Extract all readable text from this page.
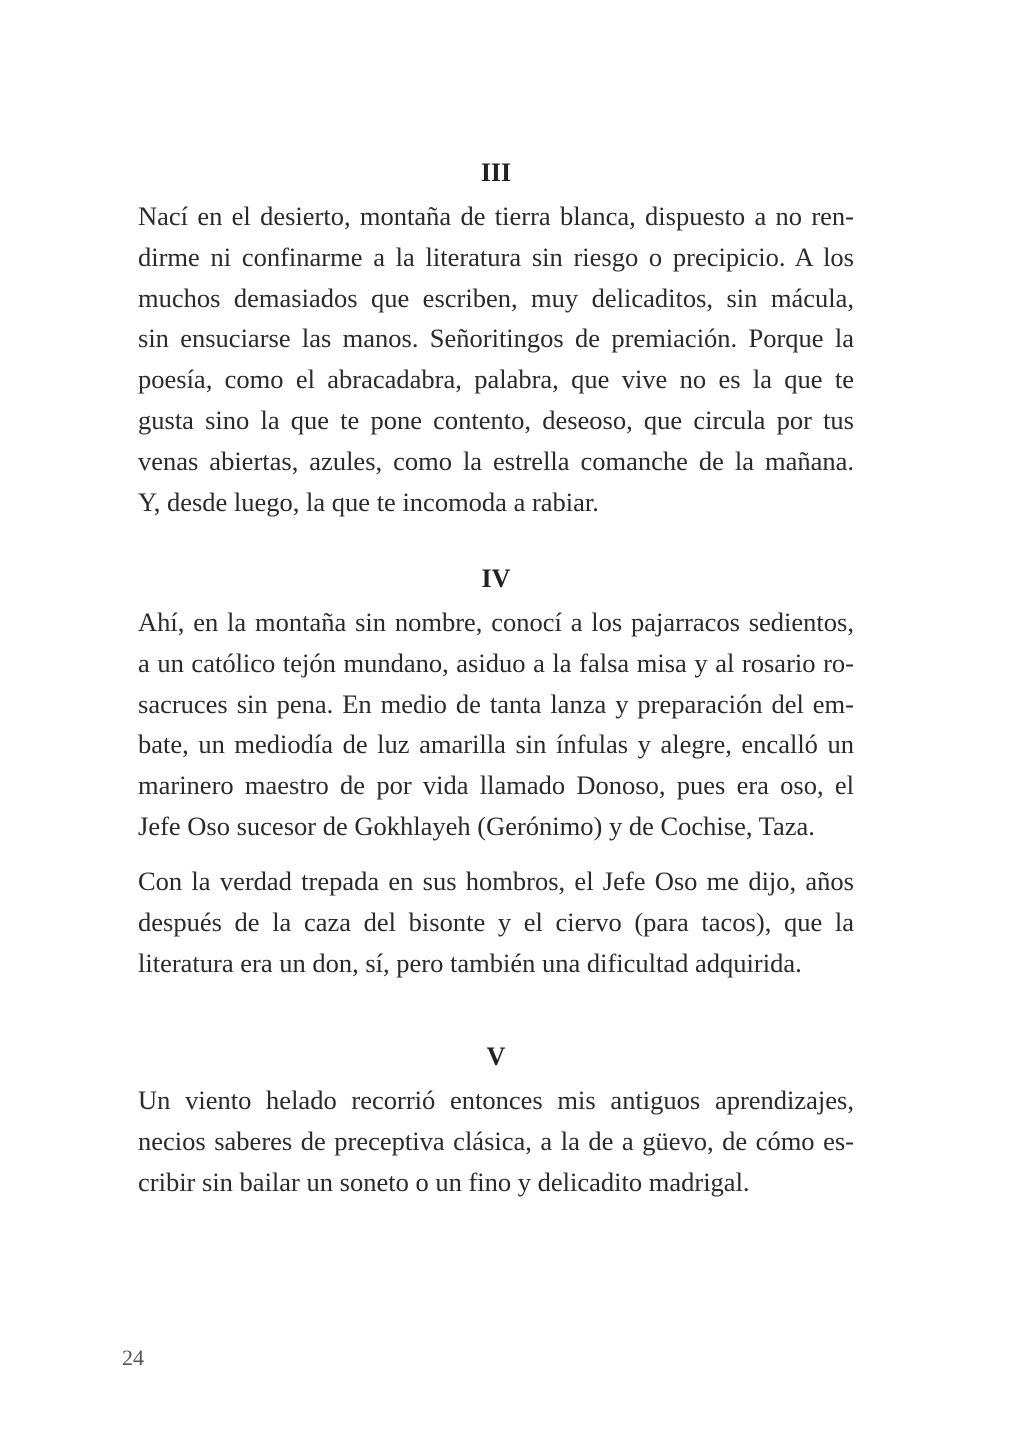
III

Nací en el desierto, montaña de tierra blanca, dispuesto a no ren-
dirme ni confinarme a la literatura sin riesgo o precipicio. A los
muchos demasiados que escriben, muy delicaditos, sin mácula,
sin ensuciarse las manos. Señoritingos de premiación. Porque la
poesía, como el abracadabra, palabra, que vive no es la que te
gusta sino la que te pone contento, deseoso, que circula por tus
venas abiertas, azules, como la estrella comanche de la mañana.
Y, desde luego, la que te incomoda a rabiar.

IV

Ahí, en la montaña sin nombre, conocí a los pajarracos sedientos,
a un católico tejón mundano, asiduo a la falsa misa y al rosario ro-
sacruces sin pena. En medio de tanta lanza y preparación del em-
bate, un mediodía de luz amarilla sin ínfulas y alegre, encalló un
marinero maestro de por vida llamado Donoso, pues era oso, el
Jefe Oso sucesor de Gokhlayeh (Gerónimo) y de Cochise, Taza.

Con la verdad trepada en sus hombros, el Jefe Oso me dijo, años
después de la caza del bisonte y el ciervo (para tacos), que la
literatura era un don, sí, pero también una dificultad adquirida.

V

Un viento helado recorrió entonces mis antiguos aprendizajes,
necios saberes de preceptiva clásica, a la de a güevo, de cómo es-
cribir sin bailar un soneto o un fino y delicadito madrigal.

24
